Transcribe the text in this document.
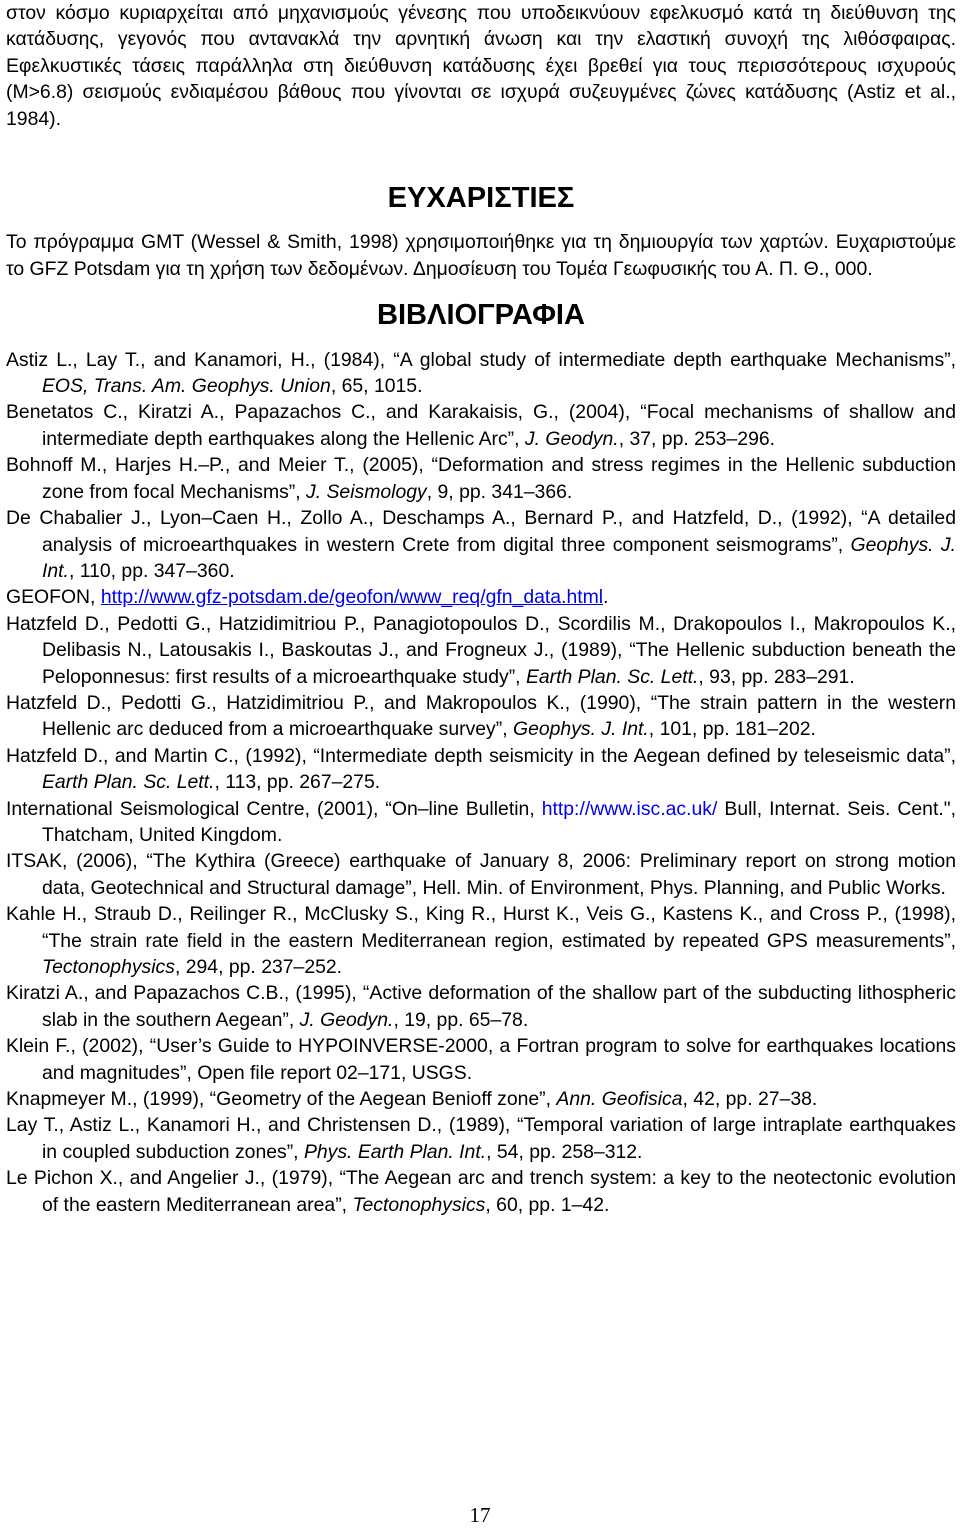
στον κόσμο κυριαρχείται από μηχανισμούς γένεσης που υποδεικνύουν εφελκυσμό κατά τη διεύθυνση της κατάδυσης, γεγονός που αντανακλά την αρνητική άνωση και την ελαστική συνοχή της λιθόσφαιρας. Εφελκυστικές τάσεις παράλληλα στη διεύθυνση κατάδυσης έχει βρεθεί για τους περισσότερους ισχυρούς (M>6.8) σεισμούς ενδιαμέσου βάθους που γίνονται σε ισχυρά συζευγμένες ζώνες κατάδυσης (Astiz et al., 1984).

ΕΥΧΑΡΙΣΤΙΕΣ

Το πρόγραμμα GMT (Wessel & Smith, 1998) χρησιμοποιήθηκε για τη δημιουργία των χαρτών. Ευχαριστούμε το GFZ Potsdam για τη χρήση των δεδομένων. Δημοσίευση του Τομέα Γεωφυσικής του Α. Π. Θ., 000.

ΒΙΒΛΙΟΓΡΑΦΙΑ

Astiz L., Lay T., and Kanamori, H., (1984), “A global study of intermediate depth earthquake Mechanisms”, EOS, Trans. Am. Geophys. Union, 65, 1015.

Benetatos C., Kiratzi A., Papazachos C., and Karakaisis, G., (2004), “Focal mechanisms of shallow and intermediate depth earthquakes along the Hellenic Arc”, J. Geodyn., 37, pp. 253‒296.

Bohnoff M., Harjes H.‒P., and Meier T., (2005), “Deformation and stress regimes in the Hellenic subduction zone from focal Mechanisms”, J. Seismology, 9, pp. 341‒366.

De Chabalier J., Lyon‒Caen H., Zollo A., Deschamps A., Bernard P., and Hatzfeld, D., (1992), “A detailed analysis of microearthquakes in western Crete from digital three component seismograms”, Geophys. J. Int., 110, pp. 347‒360.

GEOFON, http://www.gfz-potsdam.de/geofon/www_req/gfn_data.html.

Hatzfeld D., Pedotti G., Hatzidimitriou P., Panagiotopoulos D., Scordilis M., Drakopoulos I., Makropoulos K., Delibasis N., Latousakis I., Baskoutas J., and Frogneux J., (1989), “The Hellenic subduction beneath the Peloponnesus: first results of a microearthquake study”, Earth Plan. Sc. Lett., 93, pp. 283‒291.

Hatzfeld D., Pedotti G., Hatzidimitriou P., and Makropoulos K., (1990), “The strain pattern in the western Hellenic arc deduced from a microearthquake survey”, Geophys. J. Int., 101, pp. 181‒202.

Hatzfeld D., and Martin C., (1992), “Intermediate depth seismicity in the Aegean defined by teleseismic data”, Earth Plan. Sc. Lett., 113, pp. 267‒275.

International Seismological Centre, (2001), “On‒line Bulletin, http://www.isc.ac.uk/ Bull, Internat. Seis. Cent.", Thatcham, United Kingdom.

ITSAK, (2006), “The Kythira (Greece) earthquake of January 8, 2006: Preliminary report on strong motion data, Geotechnical and Structural damage”, Hell. Min. of Environment, Phys. Planning, and Public Works.

Kahle H., Straub D., Reilinger R., McClusky S., King R., Hurst K., Veis G., Kastens K., and Cross P., (1998), “The strain rate field in the eastern Mediterranean region, estimated by repeated GPS measurements”, Tectonophysics, 294, pp. 237‒252.

Kiratzi A., and Papazachos C.B., (1995), “Active deformation of the shallow part of the subducting lithospheric slab in the southern Aegean”, J. Geodyn., 19, pp. 65‒78.

Klein F., (2002), “User’s Guide to HYPOINVERSE-2000, a Fortran program to solve for earthquakes locations and magnitudes”, Open file report 02‒171, USGS.

Knapmeyer M., (1999), “Geometry of the Aegean Benioff zone”, Ann. Geofisica, 42, pp. 27‒38.

Lay T., Astiz L., Kanamori H., and Christensen D., (1989), “Temporal variation of large intraplate earthquakes in coupled subduction zones”, Phys. Earth Plan. Int., 54, pp. 258‒312.

Le Pichon X., and Angelier J., (1979), “The Aegean arc and trench system: a key to the neotectonic evolution of the eastern Mediterranean area”, Tectonophysics, 60, pp. 1‒42.

17
